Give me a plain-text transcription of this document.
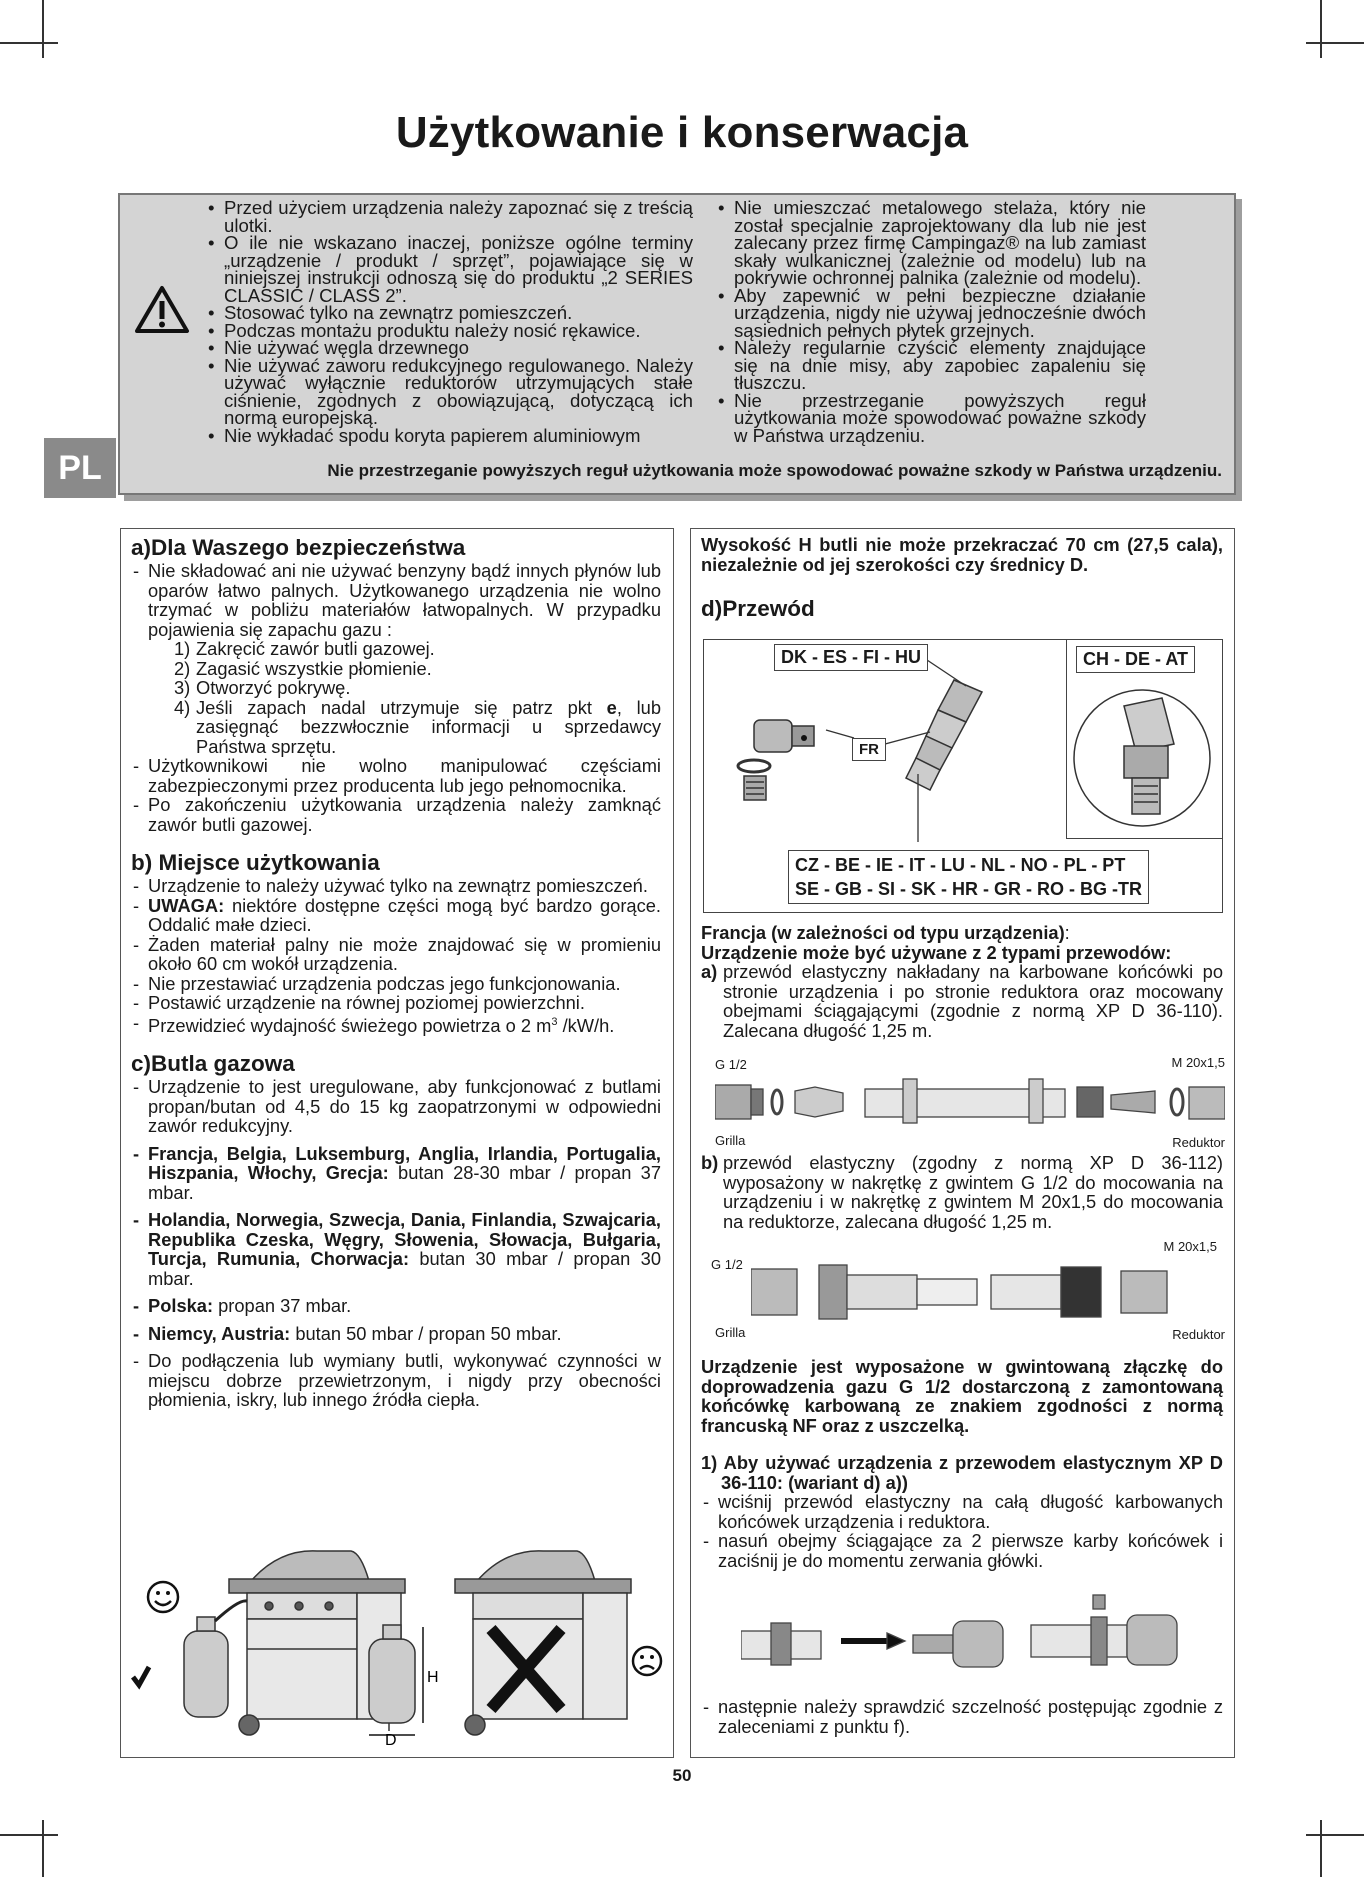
Użytkowanie i konserwacja
PL
• Przed użyciem urządzenia należy zapoznać się z treścią ulotki.
• O ile nie wskazano inaczej, poniższe ogólne terminy „urządzenie / produkt / sprzęt”, pojawiające się w niniejszej instrukcji odnoszą się do produktu „2 SERIES CLASSIC / CLASS 2”.
• Stosować tylko na zewnątrz pomieszczeń.
• Podczas montażu produktu należy nosić rękawice.
• Nie używać węgla drzewnego
• Nie używać zaworu redukcyjnego regulowanego. Należy używać wyłącznie reduktorów utrzymujących stałe ciśnienie, zgodnych z obowiązującą, dotyczącą ich normą europejską.
• Nie wykładać spodu koryta papierem aluminiowym
• Nie umieszczać metalowego stelaża, który nie został specjalnie zaprojektowany dla lub nie jest zalecany przez firmę Campingaz® na lub zamiast skały wulkanicznej (zależnie od modelu) lub na pokrywie ochronnej palnika (zależnie od modelu).
• Aby zapewnić w pełni bezpieczne działanie urządzenia, nigdy nie używaj jednocześnie dwóch sąsiednich pełnych płytek grzejnych.
• Należy regularnie czyścić elementy znajdujące się na dnie misy, aby zapobiec zapaleniu się tłuszczu.
• Nie przestrzeganie powyższych reguł użytkowania może spowodować poważne szkody w Państwa urządzeniu.

Nie przestrzeganie powyższych reguł użytkowania może spowodować poważne szkody w Państwa urządzeniu.

a)Dla Waszego bezpieczeństwa

- Nie składować ani nie używać benzyny bądź innych płynów lub oparów łatwo palnych. Użytkowanego urządzenia nie wolno trzymać w pobliżu materiałów łatwopalnych. W przypadku pojawienia się zapachu gazu :
1) Zakręcić zawór butli gazowej.
2) Zagasić wszystkie płomienie.
3) Otworzyć pokrywę.
4) Jeśli zapach nadal utrzymuje się patrz pkt e, lub zasięgnąć bezzwłocznie informacji u sprzedawcy Państwa sprzętu.
- Użytkownikowi nie wolno manipulować częściami zabezpieczonymi przez producenta lub jego pełnomocnika.
- Po zakończeniu użytkowania urządzenia należy zamknąć zawór butli gazowej.

b) Miejsce użytkowania

- Urządzenie to należy używać tylko na zewnątrz pomieszczeń.
- UWAGA: niektóre dostępne części mogą być bardzo gorące. Oddalić małe dzieci.
- Żaden materiał palny nie może znajdować się w promieniu około 60 cm wokół urządzenia.
- Nie przestawiać urządzenia podczas jego funkcjonowania.
- Postawić urządzenie na równej poziomej powierzchni.
- Przewidzieć wydajność świeżego powietrza o 2 $m^3$ /kW/h.

c)Butla gazowa

- Urządzenie to jest uregulowane, aby funkcjonować z butlami propan/butan od 4,5 do 15 kg zaopatrzonymi w odpowiedni zawór redukcyjny.
- Francja, Belgia, Luksemburg, Anglia, Irlandia, Portugalia, Hiszpania, Włochy, Grecja: butan 28-30 mbar / propan 37 mbar.
- Holandia, Norwegia, Szwecja, Dania, Finlandia, Szwajcaria, Republika Czeska, Węgry, Słowenia, Słowacja, Bułgaria, Turcja, Rumunia, Chorwacja: butan 30 mbar / propan 30 mbar.
- Polska: propan 37 mbar.
- Niemcy, Austria: butan 50 mbar / propan 50 mbar.
- Do podłączenia lub wymiany butli, wykonywać czynności w miejscu dobrze przewietrzonym, i nigdy przy obecności płomienia, iskry, lub innego źródła ciepła.
H
D

Wysokość H butli nie może przekraczać 70 cm (27,5 cala), niezależnie od jej szerokości czy średnicy D.

d)Przewód

DK - ES - FI - HU	CH - DE - AT
FR
CZ - BE - IE - IT - LU - NL - NO - PL - PT
SE - GB - SI - SK - HR - GR - RO - BG -TR

Francja (w zależności od typu urządzenia):

Urządzenie może być używane z 2 typami przewodów:

a) przewód elastyczny nakładany na karbowane końcówki po stronie urządzenia i po stronie reduktora oraz mocowany obejmami ściągającymi (zgodnie z normą XP D 36-110). Zalecana długość 1,25 m.
G 1/2	M 20x1,5
Grilla	Reduktor
b) przewód elastyczny (zgodny z normą XP D 36-112) wyposażony w nakrętkę z gwintem G 1/2 do mocowania na urządzeniu i w nakrętkę z gwintem M 20x1,5 do mocowania na reduktorze, zalecana długość 1,25 m.
G 1/2
M 20x1,5
Grilla	Reduktor

Urządzenie jest wyposażone w gwintowaną złączkę do doprowadzenia gazu G 1/2 dostarczoną z zamontowaną końcówkę karbowaną ze znakiem zgodności z normą francuską NF oraz z uszczelką.

1) Aby używać urządzenia z przewodem elastycznym XP D 36-110: (wariant d) a))

- wciśnij przewód elastyczny na całą długość karbowanych końcówek urządzenia i reduktora.
- nasuń obejmy ściągające za 2 pierwsze karby końcówek i zaciśnij je do momentu zerwania główki.
- następnie należy sprawdzić szczelność postępując zgodnie z zaleceniami z punktu f).
50
